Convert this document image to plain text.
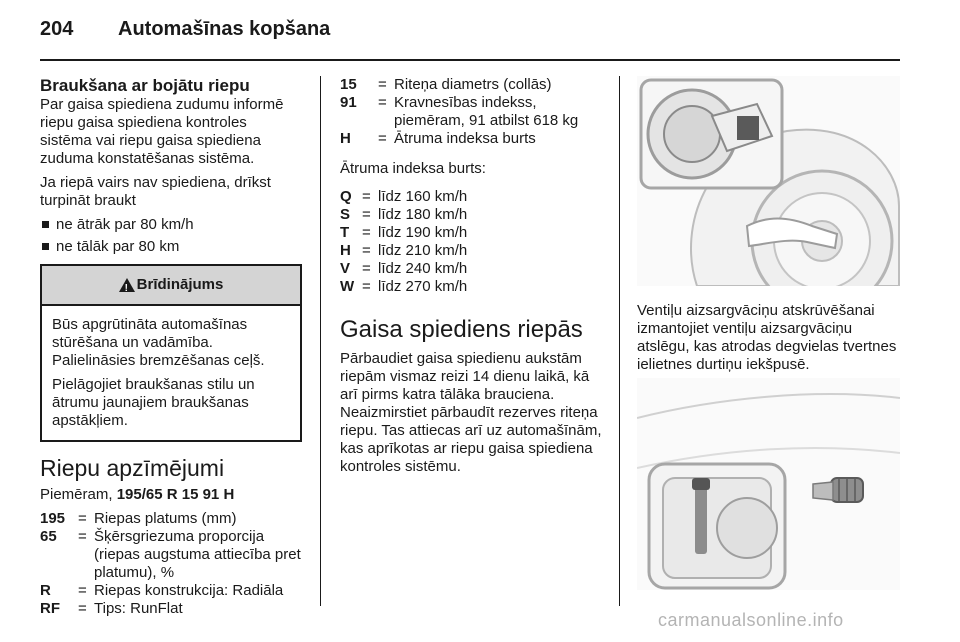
204 Automašīnas kopšana
Braukšana ar bojātu riepu

Par gaisa spiediena zudumu informē riepu gaisa spiediena kontroles sistēma vai riepu gaisa spiediena zuduma konstatēšanas sistēma.

Ja riepā vairs nav spiediena, drīkst turpināt braukt

ne ātrāk par 80 km/h
ne tālāk par 80 km
!
Brīdinājums

Būs apgrūtināta automašīnas stūrēšana un vadāmība. Palielināsies bremzēšanas ceļš.

Pielāgojiet braukšanas stilu un ātrumu jaunajiem braukšanas apstākļiem.

Riepu apzīmējumi

Piemēram, 195/65 R 15 91 H

195 = Riepas platums (mm)
65	= Šķērsgriezuma proporcija (riepas augstuma attiecība pret platumu), %
R	= Riepas konstrukcija: Radiāla
RF	= Tips: RunFlat
15	= Riteņa diametrs (collās)
91	= Kravnesības indekss, piemēram, 91 atbilst 618 kg
H	= Ātruma indeksa burts

Ātruma indeksa burts:

Q = līdz 160 km/h
S = līdz 180 km/h
T = līdz 190 km/h
H = līdz 210 km/h
V = līdz 240 km/h
W = līdz 270 km/h
Gaisa spiediens riepās

Pārbaudiet gaisa spiedienu aukstām riepām vismaz reizi 14 dienu laikā, kā arī pirms katra tālāka brauciena. Neaizmirstiet pārbaudīt rezerves riteņa riepu. Tas attiecas arī uz automašīnām, kas aprīkotas ar riepu gaisa spiediena kontroles sistēmu.

Ventiļu aizsargvāciņu atskrūvēšanai izmantojiet ventiļu aizsargvāciņu atslēgu, kas atrodas degvielas tvertnes ielietnes durtiņu iekšpusē.

carmanualsonline.info
